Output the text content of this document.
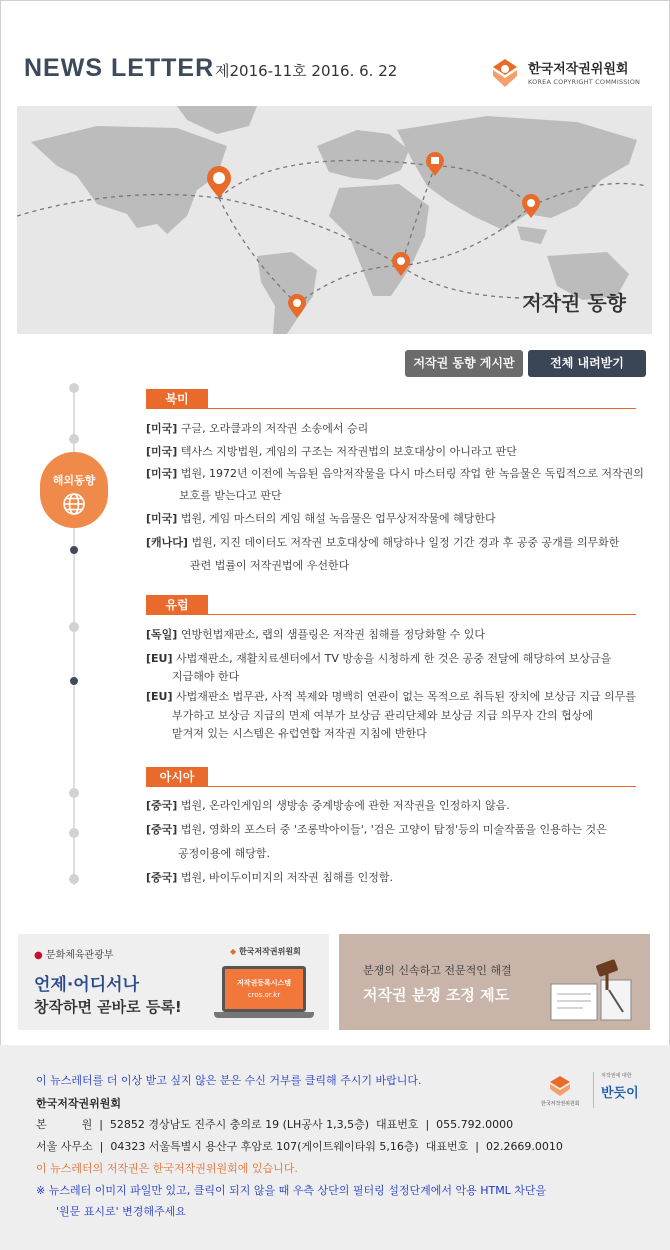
NEWS LETTER 제2016-11호 2016. 6. 22	한국저작권위원회
KOREA COPYRIGHT COMMISSION
저작권 동향
저작권 동향 게시판	전체 내려받기
해외동향
북미
[미국] 구글, 오라클과의 저작권 소송에서 승리
[미국] 텍사스 지방법원, 게임의 구조는 저작권법의 보호대상이 아니라고 판단
[미국] 법원, 1972년 이전에 녹음된 음악저작물을 다시 마스터링 작업 한 녹음물은 독립적으로 저작권의
보호를 받는다고 판단
[미국] 법원, 게임 마스터의 게임 해설 녹음물은 업무상저작물에 해당한다
[캐나다] 법원, 지진 데이터도 저작권 보호대상에 해당하나 일정 기간 경과 후 공중 공개를 의무화한
관련 법률이 저작권법에 우선한다
유럽
[독일] 연방헌법재판소, 랩의 샘플링은 저작권 침해를 정당화할 수 있다
[EU] 사법재판소, 재활치료센터에서 TV 방송을 시청하게 한 것은 공중 전달에 해당하여 보상금을
지급해야 한다
[EU] 사법재판소 법무관, 사적 복제와 명백히 연관이 없는 목적으로 취득된 장치에 보상금 지급 의무를
부가하고 보상금 지급의 면제 여부가 보상금 관리단체와 보상금 지급 의무자 간의 협상에
맡겨져 있는 시스템은 유럽연합 저작권 지침에 반한다
아시아
[중국] 법원, 온라인게임의 생방송 중계방송에 관한 저작권을 인정하지 않음.
[중국] 법원, 영화의 포스터 중 '조롱박아이들', '검은 고양이 탐정'등의 미술작품을 인용하는 것은
공정이용에 해당함.
[중국] 법원, 바이두이미지의 저작권 침해를 인정함.
● 문화체육관광부	◆ 한국저작권위원회
언제·어디서나
창작하면 곧바로 등록!
저작권등록시스템
cros.or.kr
분쟁의 신속하고 전문적인 해결
저작권 분쟁 조정 제도
이 뉴스레터를 더 이상 받고 싶지 않은 분은 수신 거부를 클릭해 주시기 바랍니다.
한국저작권위원회
본          원  |  52852 경상남도 진주시 충의로 19 (LH공사 1,3,5층)  대표번호  |  055.792.0000
서울 사무소  |  04323 서울특별시 용산구 후암로 107(게이트웨이타워 5,16층)  대표번호  |  02.2669.0010
이 뉴스레터의 저작권은 한국저작권위원회에 있습니다.
※ 뉴스레터 이미지 파일만 있고, 클릭이 되지 않을 때 우측 상단의 필터링 설정단계에서 악용 HTML 차단을
'원문 표시로' 변경해주세요
한국저작권위원회
저작권에 대한
반듯이
